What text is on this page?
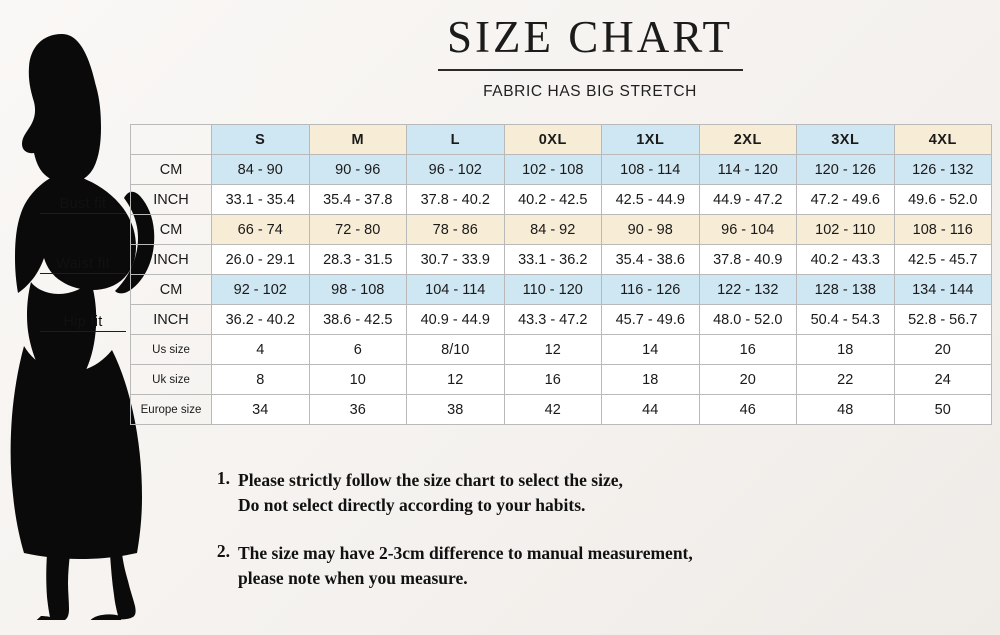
SIZE CHART
FABRIC HAS BIG STRETCH
	S	M	L	0XL	1XL	2XL	3XL	4XL
CM	84 - 90	90 - 96	96 - 102	102 - 108	108 - 114	114 - 120	120 - 126	126 - 132
INCH	33.1 - 35.4	35.4 - 37.8	37.8 - 40.2	40.2 - 42.5	42.5 - 44.9	44.9 - 47.2	47.2 - 49.6	49.6 - 52.0
CM	66 - 74	72 - 80	78 - 86	84 - 92	90 - 98	96 - 104	102 - 110	108 - 116
INCH	26.0 - 29.1	28.3 - 31.5	30.7 - 33.9	33.1 - 36.2	35.4 - 38.6	37.8 - 40.9	40.2 - 43.3	42.5 - 45.7
CM	92 - 102	98 - 108	104 - 114	110 - 120	116 - 126	122 - 132	128 - 138	134 - 144
INCH	36.2 - 40.2	38.6 - 42.5	40.9 - 44.9	43.3 - 47.2	45.7 - 49.6	48.0 - 52.0	50.4 - 54.3	52.8 - 56.7
Us size	4	6	8/10	12	14	16	18	20
Uk size	8	10	12	16	18	20	22	24
Europe size	34	36	38	42	44	46	48	50
Bust fit
Waist fit
Hip fit
1. Please strictly follow the size chart to select the size,
Do not select directly according to your habits.
2. The size may have 2-3cm difference to manual measurement,
please note when you measure.
